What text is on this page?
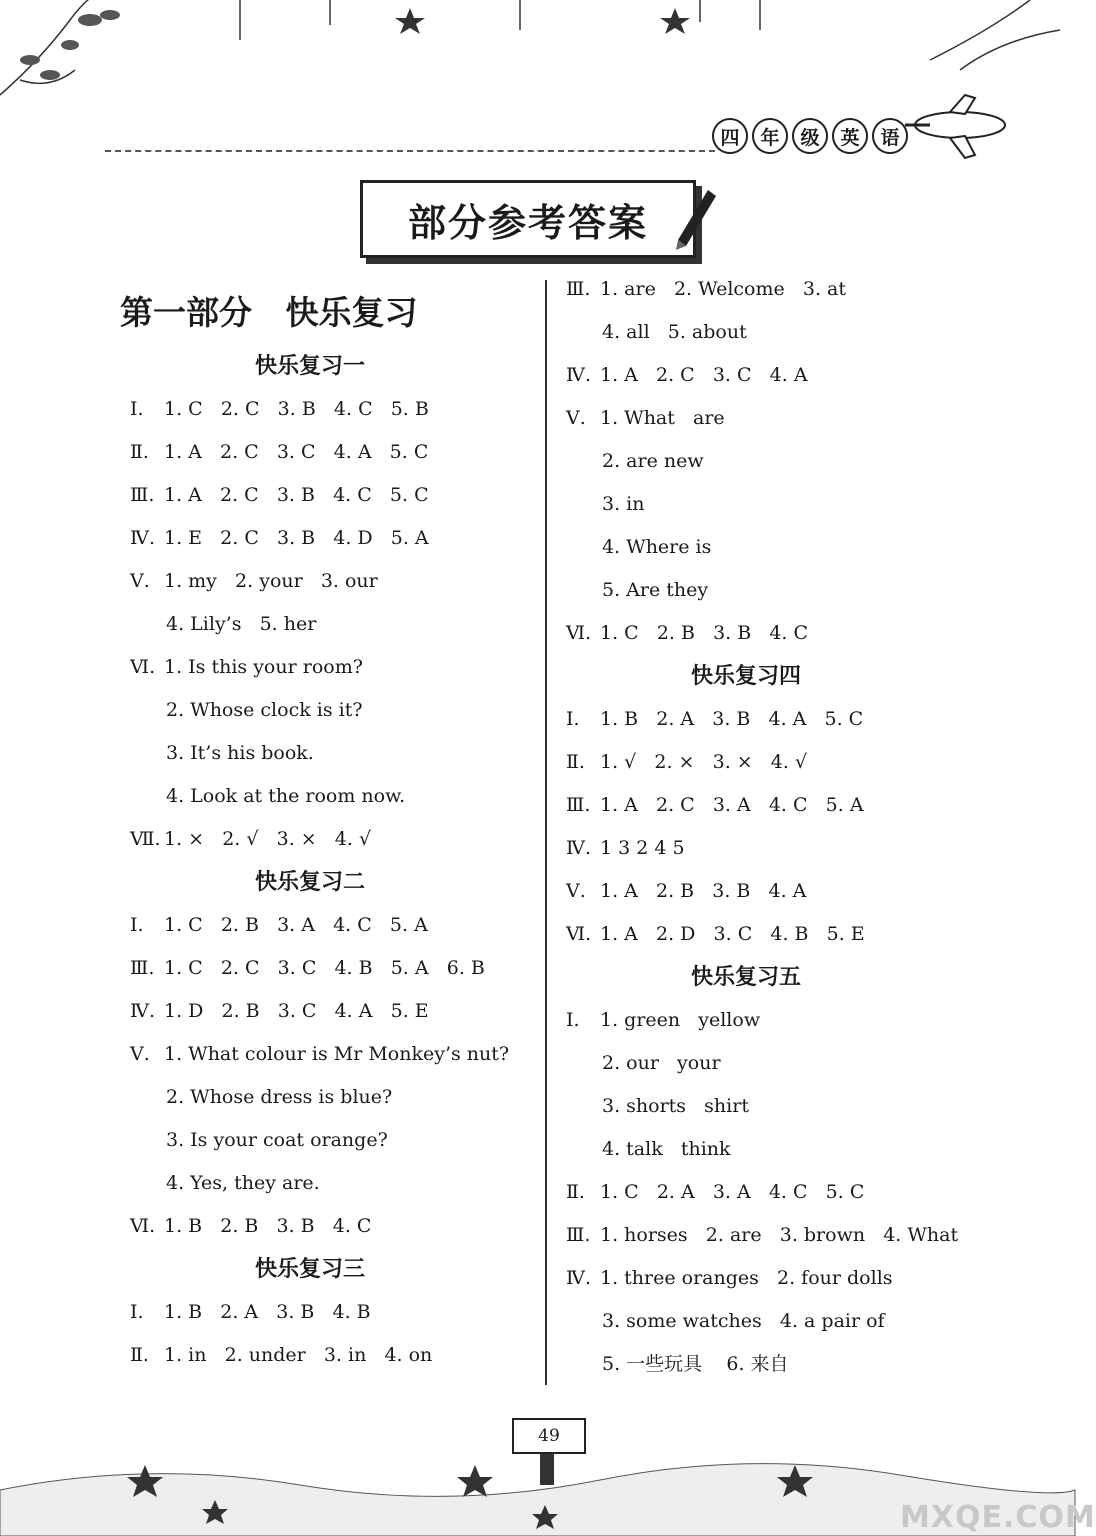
四	年	级	英	语
部分参考答案
第一部分 快乐复习
快乐复习一
Ⅰ. 1. C   2. C   3. B   4. C   5. B
Ⅱ. 1. A   2. C   3. C   4. A   5. C
Ⅲ. 1. A   2. C   3. B   4. C   5. C
Ⅳ. 1. E   2. C   3. B   4. D   5. A
Ⅴ. 1. my   2. your   3. our
4. Lily’s   5. her
Ⅵ. 1. Is this your room?
2. Whose clock is it?
3. It’s his book.
4. Look at the room now.
Ⅶ. 1. ×   2. √   3. ×   4. √
快乐复习二
Ⅰ. 1. C   2. B   3. A   4. C   5. A
Ⅲ. 1. C   2. C   3. C   4. B   5. A   6. B
Ⅳ. 1. D   2. B   3. C   4. A   5. E
Ⅴ. 1. What colour is Mr Monkey’s nut?
2. Whose dress is blue?
3. Is your coat orange?
4. Yes, they are.
Ⅵ. 1. B   2. B   3. B   4. C
快乐复习三
Ⅰ. 1. B   2. A   3. B   4. B
Ⅱ. 1. in   2. under   3. in   4. on
Ⅲ. 1. are   2. Welcome   3. at
4. all   5. about
Ⅳ. 1. A   2. C   3. C   4. A
Ⅴ. 1. What   are
2. are new
3. in
4. Where is
5. Are they
Ⅵ. 1. C   2. B   3. B   4. C
快乐复习四
Ⅰ. 1. B   2. A   3. B   4. A   5. C
Ⅱ. 1. √   2. ×   3. ×   4. √
Ⅲ. 1. A   2. C   3. A   4. C   5. A
Ⅳ. 1 3 2 4 5
Ⅴ. 1. A   2. B   3. B   4. A
Ⅵ. 1. A   2. D   3. C   4. B   5. E
快乐复习五
Ⅰ. 1. green   yellow
2. our   your
3. shorts   shirt
4. talk   think
Ⅱ. 1. C   2. A   3. A   4. C   5. C
Ⅲ. 1. horses   2. are   3. brown   4. What
Ⅳ. 1. three oranges   2. four dolls
3. some watches   4. a pair of
5. 一些玩具    6. 来自
49
MXQE.COM
